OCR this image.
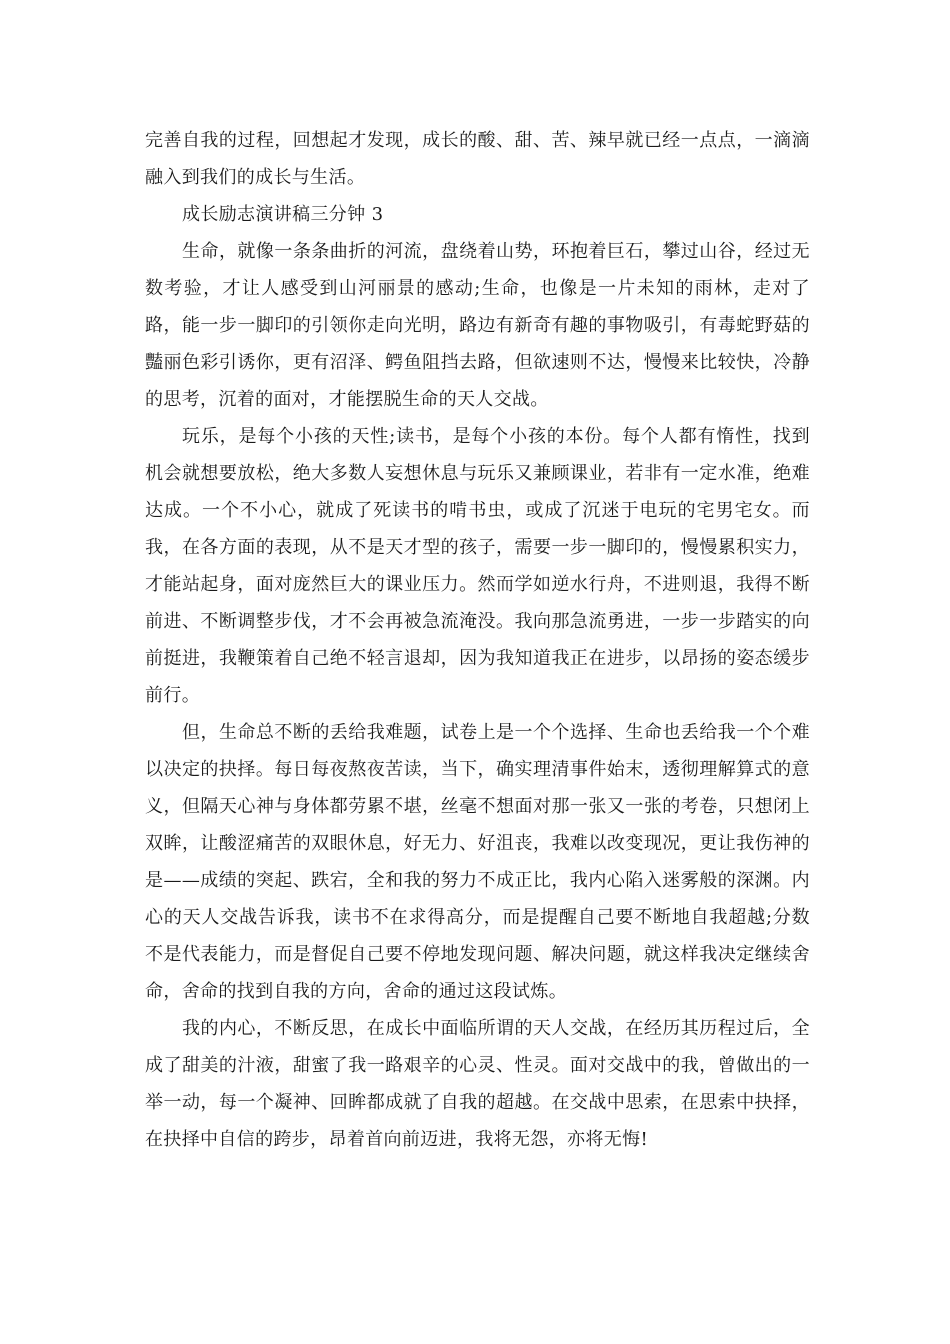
完善自我的过程，回想起才发现，成长的酸、甜、苦、辣早就已经一点点，一滴滴融入到我们的成长与生活。

成长励志演讲稿三分钟 3

生命，就像一条条曲折的河流，盘绕着山势，环抱着巨石，攀过山谷，经过无数考验，才让人感受到山河丽景的感动;生命，也像是一片未知的雨林，走对了路，能一步一脚印的引领你走向光明，路边有新奇有趣的事物吸引，有毒蛇野菇的豔丽色彩引诱你，更有沼泽、鳄鱼阻挡去路，但欲速则不达，慢慢来比较快，冷静的思考，沉着的面对，才能摆脱生命的天人交战。

玩乐，是每个小孩的天性;读书，是每个小孩的本份。每个人都有惰性，找到机会就想要放松，绝大多数人妄想休息与玩乐又兼顾课业，若非有一定水准，绝难达成。一个不小心，就成了死读书的啃书虫，或成了沉迷于电玩的宅男宅女。而我，在各方面的表现，从不是天才型的孩子，需要一步一脚印的，慢慢累积实力，才能站起身，面对庞然巨大的课业压力。然而学如逆水行舟，不进则退，我得不断前进、不断调整步伐，才不会再被急流淹没。我向那急流勇进，一步一步踏实的向前挺进，我鞭策着自己绝不轻言退却，因为我知道我正在进步，以昂扬的姿态缓步前行。

但，生命总不断的丢给我难题，试卷上是一个个选择、生命也丢给我一个个难以决定的抉择。每日每夜熬夜苦读，当下，确实理清事件始末，透彻理解算式的意义，但隔天心神与身体都劳累不堪，丝毫不想面对那一张又一张的考卷，只想闭上双眸，让酸涩痛苦的双眼休息，好无力、好沮丧，我难以改变现况，更让我伤神的是——成绩的突起、跌宕，全和我的努力不成正比，我内心陷入迷雾般的深渊。内心的天人交战告诉我，读书不在求得高分，而是提醒自己要不断地自我超越;分数不是代表能力，而是督促自己要不停地发现问题、解决问题，就这样我决定继续舍命，舍命的找到自我的方向，舍命的通过这段试炼。

我的内心，不断反思，在成长中面临所谓的天人交战，在经历其历程过后，全成了甜美的汁液，甜蜜了我一路艰辛的心灵、性灵。面对交战中的我，曾做出的一举一动，每一个凝神、回眸都成就了自我的超越。在交战中思索，在思索中抉择，在抉择中自信的跨步，昂着首向前迈进，我将无怨，亦将无悔!
